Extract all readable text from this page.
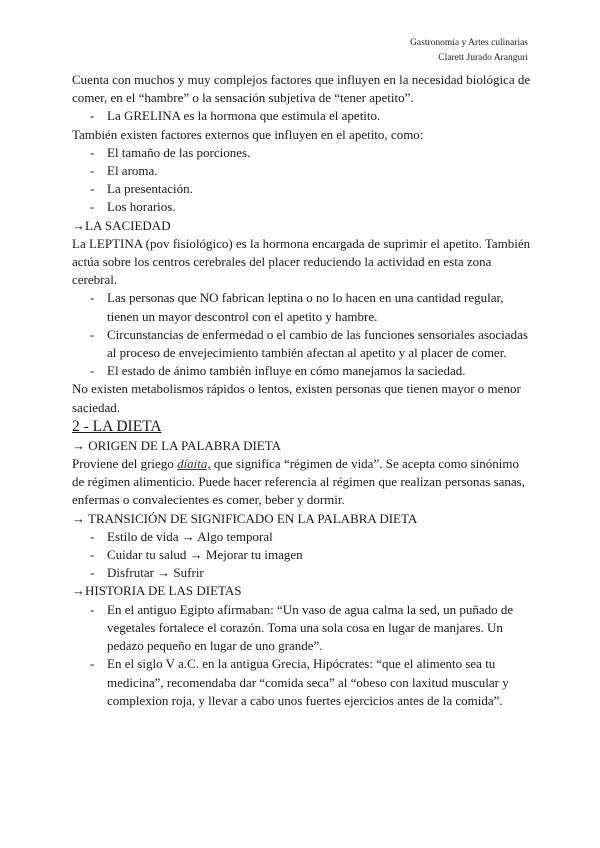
Gastronomía y Artes culinarias
Clarett Jurado Aranguri

Cuenta con muchos y muy complejos factores que influyen en la necesidad biológica de comer, en el “hambre” o la sensación subjetiva de “tener apetito”.

- La GRELINA es la hormona que estimula el apetito.

También existen factores externos que influyen en el apetito, como:

- El tamaño de las porciones.

- El aroma.

- La presentación.

- Los horarios.

→LA SACIEDAD

La LEPTINA (pov fisiológico) es la hormona encargada de suprimir el apetito. También actúa sobre los centros cerebrales del placer reduciendo la actividad en esta zona cerebral.

- Las personas que NO fabrican leptina o no lo hacen en una cantidad regular, tienen un mayor descontrol con el apetito y hambre.

- Circunstancias de enfermedad o el cambio de las funciones sensoriales asociadas al proceso de envejecimiento también afectan al apetito y al placer de comer.

- El estado de ánimo también influye en cómo manejamos la saciedad.

No existen metabolismos rápidos o lentos, existen personas que tienen mayor o menor saciedad.

2 - LA DIETA

→ ORIGEN DE LA PALABRA DIETA

Proviene del griego díaita, que significa “régimen de vida”. Se acepta como sinónimo de régimen alimenticio. Puede hacer referencia al régimen que realizan personas sanas, enfermas o convalecientes es comer, beber y dormir.

→ TRANSICIÓN DE SIGNIFICADO EN LA PALABRA DIETA

- Estilo de vida → Algo temporal

- Cuidar tu salud → Mejorar tu imagen

- Disfrutar → Sufrir

→HISTORIA DE LAS DIETAS

- En el antiguo Egipto afirmaban: “Un vaso de agua calma la sed, un puñado de vegetales fortalece el corazón. Toma una sola cosa en lugar de manjares. Un pedazo pequeño en lugar de uno grande”.

- En el siglo V a.C. en la antigua Grecia, Hipócrates: “que el alimento sea tu medicina”, recomendaba dar “comida seca” al “obeso con laxitud muscular y complexion roja, y llevar a cabo unos fuertes ejercicios antes de la comida”.
